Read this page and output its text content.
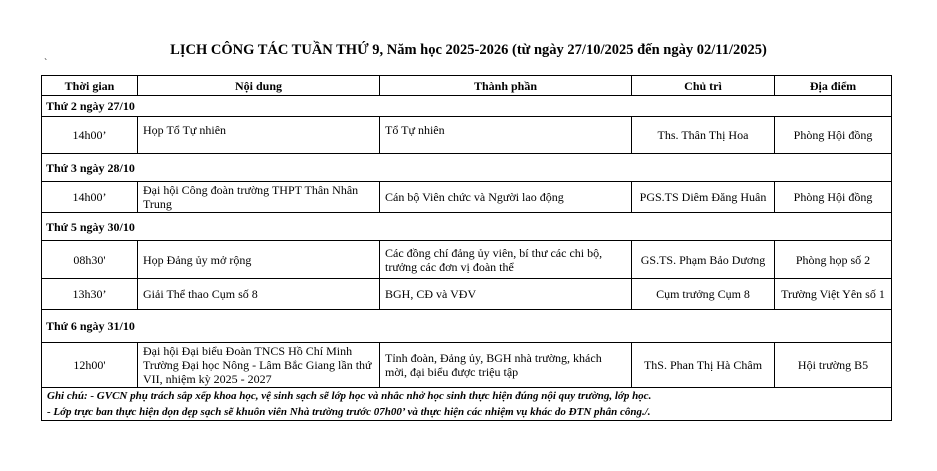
LỊCH CÔNG TÁC TUẦN THỨ 9, Năm học 2025-2026 (từ ngày 27/10/2025 đến ngày 02/11/2025)
`
Thời gian	Nội dung	Thành phần	Chủ trì	Địa điểm
Thứ 2 ngày 27/10				
14h00’	Họp Tổ Tự nhiên	Tổ Tự nhiên	Ths. Thân Thị Hoa	Phòng Hội đồng
Thứ 3 ngày 28/10				
14h00’	Đại hội Công đoàn trường THPT Thân Nhân Trung	Cán bộ Viên chức và Người lao động	PGS.TS Diêm Đăng Huân	Phòng Hội đồng
Thứ 5 ngày 30/10				
08h30'	Họp Đảng ủy mở rộng	Các đồng chí đảng ủy viên, bí thư các chi bộ, trưởng các đơn vị đoàn thể	GS.TS. Phạm Bảo Dương	Phòng họp số 2
13h30’	Giải Thể thao Cụm số 8	BGH, CĐ và VĐV	Cụm trưởng Cụm 8	Trường Việt Yên số 1
Thứ 6 ngày 31/10				
12h00'	Đại hội Đại biểu Đoàn TNCS Hồ Chí Minh Trường Đại học Nông - Lâm Bắc Giang lần thứ VII, nhiệm kỳ 2025 - 2027	Tỉnh đoàn, Đảng ủy, BGH nhà trường, khách mời, đại biểu được triệu tập	ThS. Phan Thị Hà Châm	Hội trường B5

Ghi chú: - GVCN phụ trách sắp xếp khoa học, vệ sinh sạch sẽ lớp học và nhắc nhở học sinh thực hiện đúng nội quy trường, lớp học.
- Lớp trực ban thực hiện dọn dẹp sạch sẽ khuôn viên Nhà trường trước 07h00’ và thực hiện các nhiệm vụ khác do ĐTN phân công./.				
